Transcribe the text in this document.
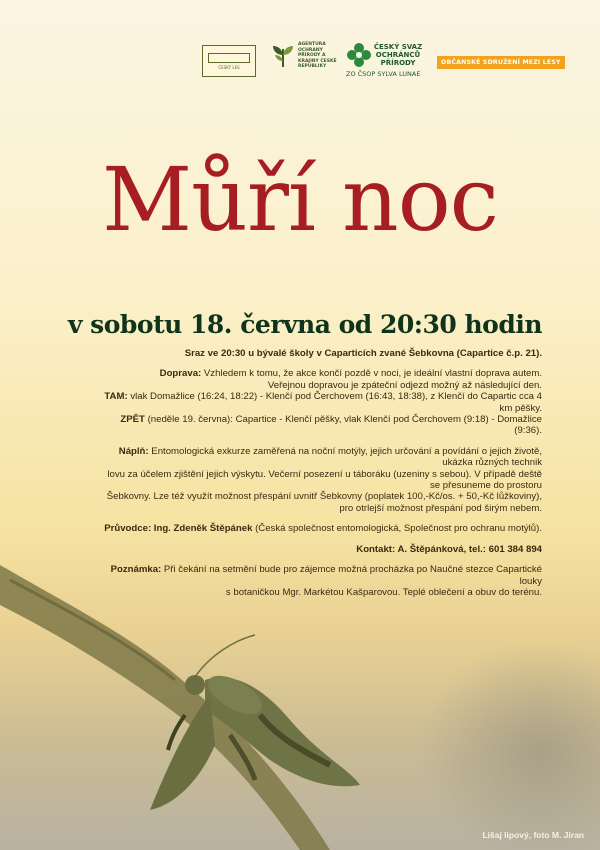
ČESKÝ LES
AGENTURA OCHRANY PŘÍRODY A KRAJINY ČESKÉ REPUBLIKY
ČESKÝ SVAZ OCHRÁNCŮ PŘÍRODY
ZO ČSOP SYLVA LUNAE
OBČANSKÉ SDRUŽENÍ
MEZI LESY
Můří noc
v sobotu 18. června od 20:30 hodin

Sraz ve 20:30 u bývalé školy v Caparticích zvané Šebkovna (Capartice č.p. 21).

Doprava: Vzhledem k tomu, že akce končí pozdě v noci, je ideální vlastní doprava autem.

Veřejnou dopravou je zpáteční odjezd možný až následující den.

TAM: vlak Domažlice (16:24, 18:22) - Klenčí pod Čerchovem (16:43, 18:38), z Klenčí do Capartic cca 4 km pěšky.

ZPĚT (neděle 19. června): Capartice - Klenčí pěšky, vlak Klenčí pod Čerchovem (9:18) - Domažlice (9:36).

Náplň: Entomologická exkurze zaměřená na noční motýly, jejich určování a povídání o jejich životě, ukázka různých technik

lovu za účelem zjištění jejich výskytu. Večerní posezení u táboráku (uzeniny s sebou). V případě deště se přesuneme do prostoru

Šebkovny. Lze též využít možnost přespání uvnitř Šebkovny (poplatek 100,-Kč/os. + 50,-Kč lůžkoviny),

pro otrlejší možnost přespání pod širým nebem.

Průvodce: Ing. Zdeněk Štěpánek (Česká společnost entomologická, Společnost pro ochranu motýlů).

Kontakt: A. Štěpánková, tel.: 601 384 894

Poznámka: Při čekání na setmění bude pro zájemce možná procházka po Naučné stezce Capartické louky

s botaničkou Mgr. Markétou Kašparovou. Teplé oblečení a obuv do terénu.

Lišaj lipový, foto M. Jiran
